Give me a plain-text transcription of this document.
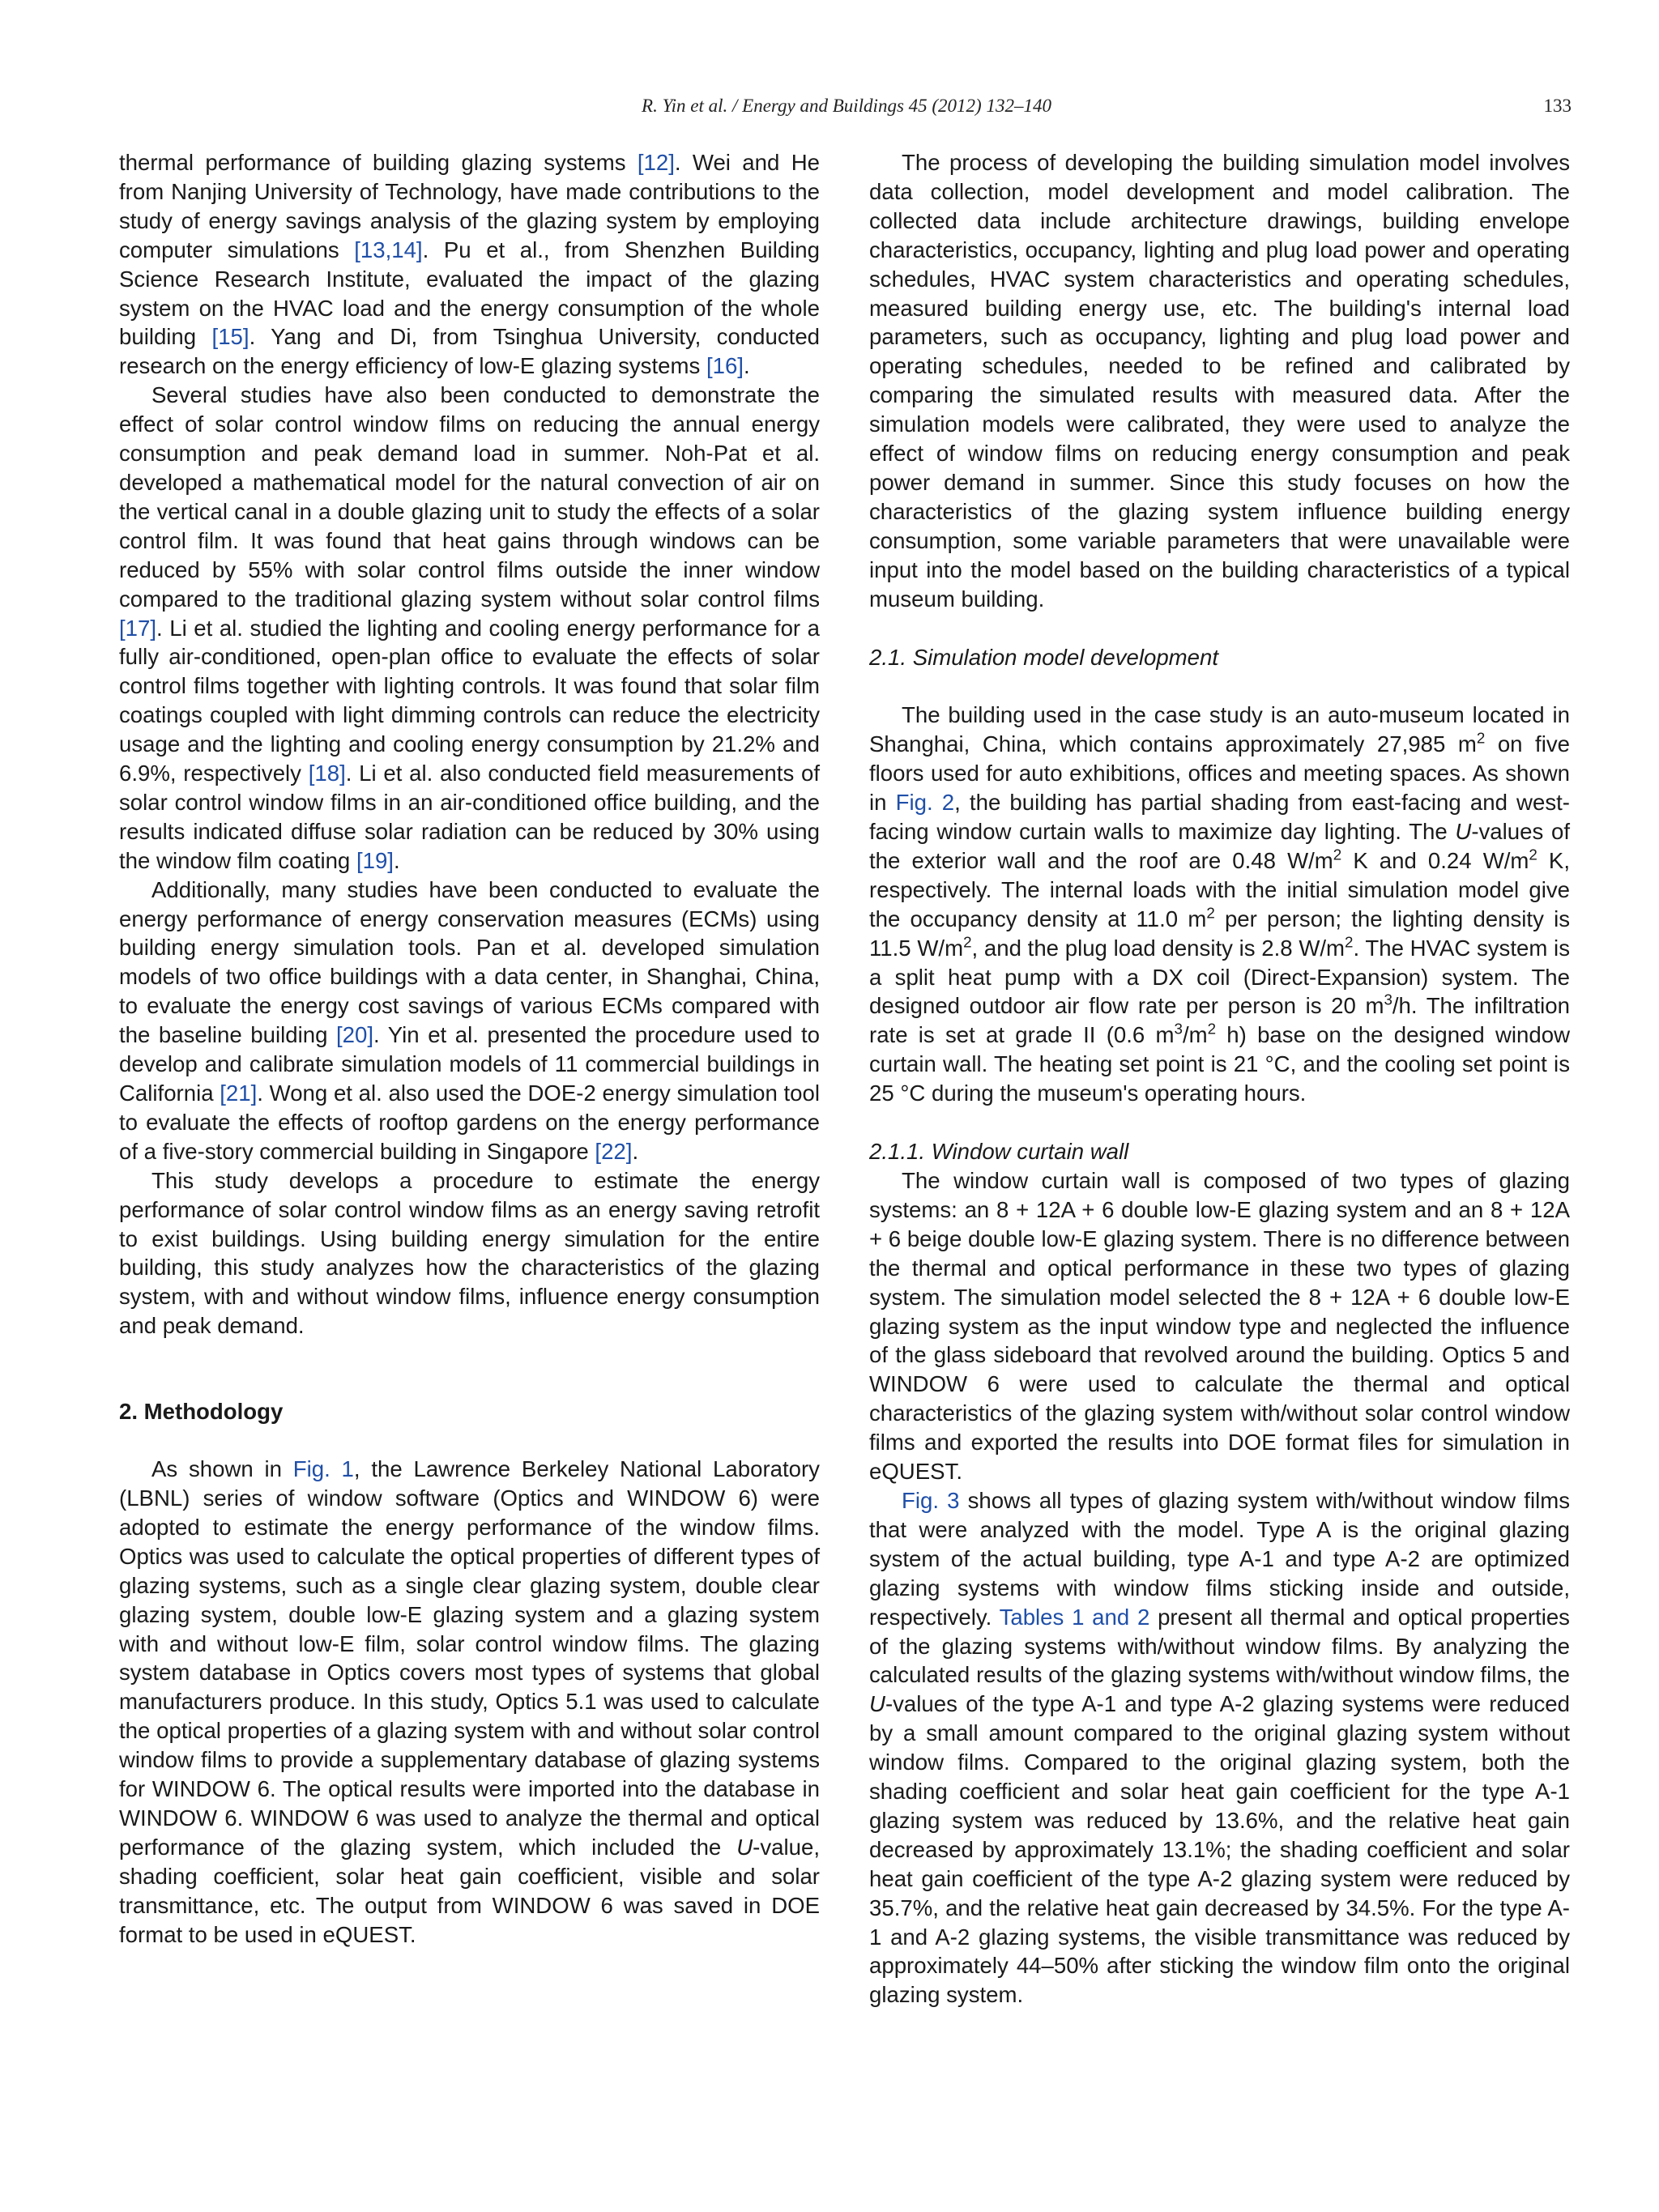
R. Yin et al. / Energy and Buildings 45 (2012) 132–140	133

thermal performance of building glazing systems [12]. Wei and He from Nanjing University of Technology, have made contributions to the study of energy savings analysis of the glazing system by employing computer simulations [13,14]. Pu et al., from Shenzhen Building Science Research Institute, evaluated the impact of the glazing system on the HVAC load and the energy consumption of the whole building [15]. Yang and Di, from Tsinghua University, conducted research on the energy efficiency of low-E glazing systems [16].

Several studies have also been conducted to demonstrate the effect of solar control window films on reducing the annual energy consumption and peak demand load in summer. Noh-Pat et al. developed a mathematical model for the natural convection of air on the vertical canal in a double glazing unit to study the effects of a solar control film. It was found that heat gains through windows can be reduced by 55% with solar control films outside the inner window compared to the traditional glazing system without solar control films [17]. Li et al. studied the lighting and cooling energy performance for a fully air-conditioned, open-plan office to evaluate the effects of solar control films together with lighting controls. It was found that solar film coatings coupled with light dimming controls can reduce the electricity usage and the lighting and cooling energy consumption by 21.2% and 6.9%, respectively [18]. Li et al. also conducted field measurements of solar control window films in an air-conditioned office building, and the results indicated diffuse solar radiation can be reduced by 30% using the window film coating [19].

Additionally, many studies have been conducted to evaluate the energy performance of energy conservation measures (ECMs) using building energy simulation tools. Pan et al. developed simulation models of two office buildings with a data center, in Shanghai, China, to evaluate the energy cost savings of various ECMs compared with the baseline building [20]. Yin et al. presented the procedure used to develop and calibrate simulation models of 11 commercial buildings in California [21]. Wong et al. also used the DOE-2 energy simulation tool to evaluate the effects of rooftop gardens on the energy performance of a five-story commercial building in Singapore [22].

This study develops a procedure to estimate the energy performance of solar control window films as an energy saving retrofit to exist buildings. Using building energy simulation for the entire building, this study analyzes how the characteristics of the glazing system, with and without window films, influence energy consumption and peak demand.

2. Methodology

As shown in Fig. 1, the Lawrence Berkeley National Laboratory (LBNL) series of window software (Optics and WINDOW 6) were adopted to estimate the energy performance of the window films. Optics was used to calculate the optical properties of different types of glazing systems, such as a single clear glazing system, double clear glazing system, double low-E glazing system and a glazing system with and without low-E film, solar control window films. The glazing system database in Optics covers most types of systems that global manufacturers produce. In this study, Optics 5.1 was used to calculate the optical properties of a glazing system with and without solar control window films to provide a supplementary database of glazing systems for WINDOW 6. The optical results were imported into the database in WINDOW 6. WINDOW 6 was used to analyze the thermal and optical performance of the glazing system, which included the U-value, shading coefficient, solar heat gain coefficient, visible and solar transmittance, etc. The output from WINDOW 6 was saved in DOE format to be used in eQUEST.

The process of developing the building simulation model involves data collection, model development and model calibration. The collected data include architecture drawings, building envelope characteristics, occupancy, lighting and plug load power and operating schedules, HVAC system characteristics and operating schedules, measured building energy use, etc. The building's internal load parameters, such as occupancy, lighting and plug load power and operating schedules, needed to be refined and calibrated by comparing the simulated results with measured data. After the simulation models were calibrated, they were used to analyze the effect of window films on reducing energy consumption and peak power demand in summer. Since this study focuses on how the characteristics of the glazing system influence building energy consumption, some variable parameters that were unavailable were input into the model based on the building characteristics of a typical museum building.

2.1. Simulation model development

The building used in the case study is an auto-museum located in Shanghai, China, which contains approximately 27,985 $m^2$ on five floors used for auto exhibitions, offices and meeting spaces. As shown in Fig. 2, the building has partial shading from east-facing and west-facing window curtain walls to maximize day lighting. The U-values of the exterior wall and the roof are 0.48 $W/m^2$ K and 0.24 $W/m^2$ K, respectively. The internal loads with the initial simulation model give the occupancy density at 11.0 $m^2$ per person; the lighting density is 11.5 $W/m^2$, and the plug load density is 2.8 $W/m^2$. The HVAC system is a split heat pump with a DX coil (Direct-Expansion) system. The designed outdoor air flow rate per person is 20 $m^3/h$. The infiltration rate is set at grade II (0.6 $m^3/m^2$ h) base on the designed window curtain wall. The heating set point is 21 °C, and the cooling set point is 25 °C during the museum's operating hours.

2.1.1. Window curtain wall

The window curtain wall is composed of two types of glazing systems: an 8 + 12A + 6 double low-E glazing system and an 8 + 12A + 6 beige double low-E glazing system. There is no difference between the thermal and optical performance in these two types of glazing system. The simulation model selected the 8 + 12A + 6 double low-E glazing system as the input window type and neglected the influence of the glass sideboard that revolved around the building. Optics 5 and WINDOW 6 were used to calculate the thermal and optical characteristics of the glazing system with/without solar control window films and exported the results into DOE format files for simulation in eQUEST.

Fig. 3 shows all types of glazing system with/without window films that were analyzed with the model. Type A is the original glazing system of the actual building, type A-1 and type A-2 are optimized glazing systems with window films sticking inside and outside, respectively. Tables 1 and 2 present all thermal and optical properties of the glazing systems with/without window films. By analyzing the calculated results of the glazing systems with/without window films, the U-values of the type A-1 and type A-2 glazing systems were reduced by a small amount compared to the original glazing system without window films. Compared to the original glazing system, both the shading coefficient and solar heat gain coefficient for the type A-1 glazing system was reduced by 13.6%, and the relative heat gain decreased by approximately 13.1%; the shading coefficient and solar heat gain coefficient of the type A-2 glazing system were reduced by 35.7%, and the relative heat gain decreased by 34.5%. For the type A-1 and A-2 glazing systems, the visible transmittance was reduced by approximately 44–50% after sticking the window film onto the original glazing system.
